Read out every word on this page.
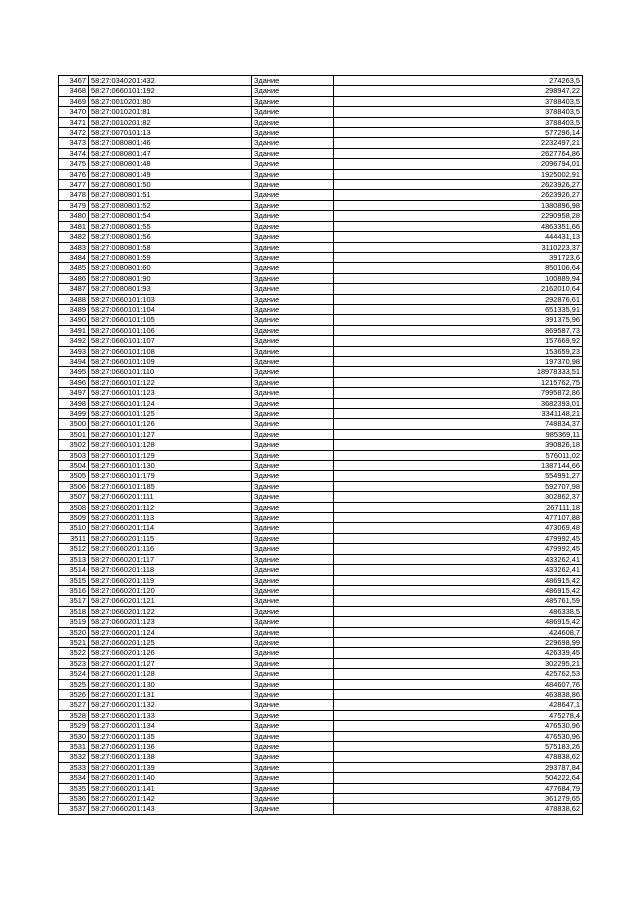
3467	58:27:0340201:432	Здание	274263,5
3468	58:27:0660101:192	Здание	298947,22
3469	58:27:0010201:80	Здание	3788403,5
3470	58:27:0010201:81	Здание	3788403,5
3471	58:27:0010201:82	Здание	3788403,5
3472	58:27:0070101:13	Здание	577296,14
3473	58:27:0080801:46	Здание	2232497,21
3474	58:27:0080801:47	Здание	2627764,86
3475	58:27:0080801:48	Здание	2096794,01
3476	58:27:0080801:49	Здание	1925002,91
3477	58:27:0080801:50	Здание	2623926,27
3478	58:27:0080801:51	Здание	2623926,27
3479	58:27:0080801:52	Здание	1380896,98
3480	58:27:0080801:54	Здание	2290958,28
3481	58:27:0080801:55	Здание	4863351,66
3482	58:27:0080801:56	Здание	444431,13
3483	58:27:0080801:58	Здание	3110223,37
3484	58:27:0080801:59	Здание	391723,6
3485	58:27:0080801:60	Здание	850106,64
3486	58:27:0080801:90	Здание	100889,94
3487	58:27:0080801:93	Здание	2162010,64
3488	58:27:0660101:103	Здание	292876,61
3489	58:27:0660101:104	Здание	651335,91
3490	58:27:0660101:105	Здание	391375,96
3491	58:27:0660101:106	Здание	869587,73
3492	58:27:0660101:107	Здание	157669,92
3493	58:27:0660101:108	Здание	153659,23
3494	58:27:0660101:109	Здание	197370,98
3495	58:27:0660101:110	Здание	18978333,51
3496	58:27:0660101:122	Здание	1215762,75
3497	58:27:0660101:123	Здание	7995872,86
3498	58:27:0660101:124	Здание	3682393,01
3499	58:27:0660101:125	Здание	3341148,21
3500	58:27:0660101:126	Здание	748834,37
3501	58:27:0660101:127	Здание	985369,11
3502	58:27:0660101:128	Здание	390826,18
3503	58:27:0660101:129	Здание	576011,02
3504	58:27:0660101:130	Здание	1387144,66
3505	58:27:0660101:179	Здание	554991,27
3506	58:27:0660101:185	Здание	592707,98
3507	58:27:0660201:111	Здание	302862,37
3508	58:27:0660201:112	Здание	267111,18
3509	58:27:0660201:113	Здание	477107,88
3510	58:27:0660201:114	Здание	473069,48
3511	58:27:0660201:115	Здание	479992,45
3512	58:27:0660201:116	Здание	479992,45
3513	58:27:0660201:117	Здание	433262,41
3514	58:27:0660201:118	Здание	433262,41
3515	58:27:0660201:119	Здание	486915,42
3516	58:27:0660201:120	Здание	486915,42
3517	58:27:0660201:121	Здание	485761,59
3518	58:27:0660201:122	Здание	486338,5
3519	58:27:0660201:123	Здание	486915,42
3520	58:27:0660201:124	Здание	424608,7
3521	58:27:0660201:125	Здание	229698,99
3522	58:27:0660201:126	Здание	426339,45
3523	58:27:0660201:127	Здание	302295,21
3524	58:27:0660201:128	Здание	425762,53
3525	58:27:0660201:130	Здание	484607,76
3526	58:27:0660201:131	Здание	463838,86
3527	58:27:0660201:132	Здание	428647,1
3528	58:27:0660201:133	Здание	475278,4
3529	58:27:0660201:134	Здание	476530,96
3530	58:27:0660201:135	Здание	476530,96
3531	58:27:0660201:136	Здание	575183,26
3532	58:27:0660201:138	Здание	478838,62
3533	58:27:0660201:139	Здание	293787,84
3534	58:27:0660201:140	Здание	504222,64
3535	58:27:0660201:141	Здание	477684,79
3536	58:27:0660201:142	Здание	361279,65
3537	58:27:0660201:143	Здание	478838,62
